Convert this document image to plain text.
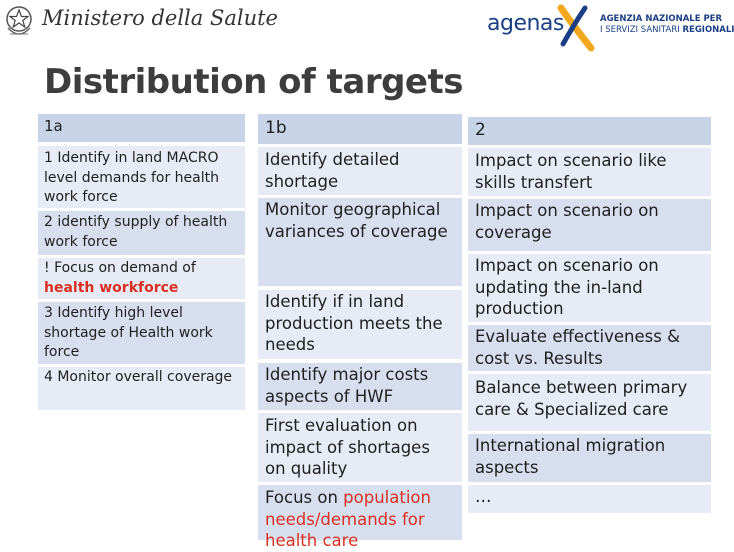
Ministero della Salute	agenas	AGENZIA NAZIONALE PER
I SERVIZI SANITARI REGIONALI
Distribution of targets
1a
1 Identify in land MACRO level demands for health work force
2 identify supply of health work force
! Focus on demand of health workforce
3 Identify high level shortage of Health work force
4 Monitor overall coverage
1b
Identify detailed shortage
Monitor geographical variances of coverage
Identify if in land production meets the needs
Identify major costs aspects of HWF
First evaluation on impact of shortages on quality
Focus on population needs/demands for health care
2
Impact on scenario like skills transfert
Impact on scenario on coverage
Impact on scenario on updating the in-land production
Evaluate effectiveness & cost vs. Results
Balance between primary care & Specialized care
International migration aspects
…
